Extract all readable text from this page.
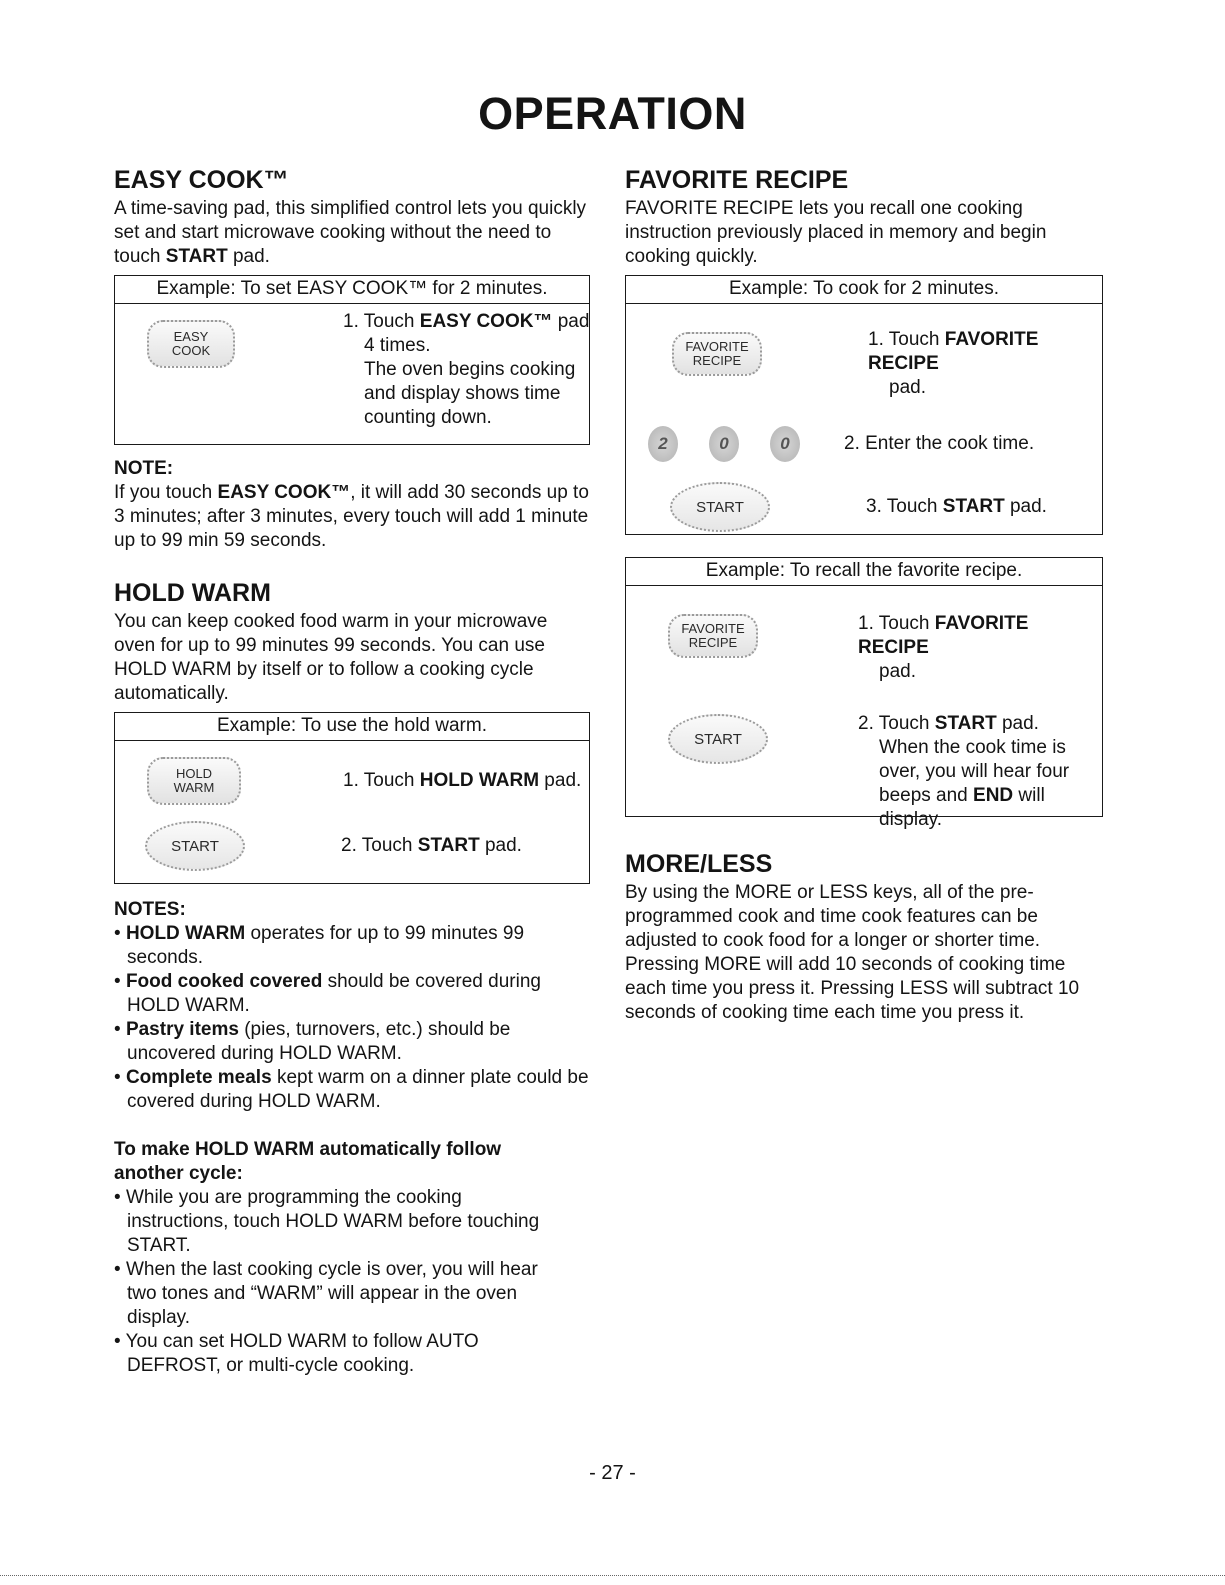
OPERATION
EASY COOK™

A time-saving pad, this simplified control lets you quickly set and start microwave cooking without the need to touch START pad.

Example: To set EASY COOK™ for 2 minutes.
EASY
COOK
1. Touch EASY COOK™ pad
4 times.
The oven begins cooking and display shows time counting down.
NOTE:

If you touch EASY COOK™, it will add 30 seconds up to 3 minutes; after 3 minutes, every touch will add 1 minute up to 99 min 59 seconds.

HOLD WARM

You can keep cooked food warm in your microwave oven for up to 99 minutes 99 seconds. You can use HOLD WARM by itself or to follow a cooking cycle automatically.

Example: To use the hold warm.
HOLD
WARM	1. Touch HOLD WARM pad.
START	2. Touch START pad.
NOTES:
• HOLD WARM operates for up to 99 minutes 99 seconds.
• Food cooked covered should be covered during HOLD WARM.
• Pastry items (pies, turnovers, etc.) should be uncovered during HOLD WARM.
• Complete meals kept warm on a dinner plate could be covered during HOLD WARM.
To make HOLD WARM automatically follow another cycle:
• While you are programming the cooking instructions, touch HOLD WARM before touching START.
• When the last cooking cycle is over, you will hear two tones and “WARM” will appear in the oven display.
• You can set HOLD WARM to follow AUTO DEFROST, or multi-cycle cooking.
FAVORITE RECIPE

FAVORITE RECIPE lets you recall one cooking instruction previously placed in memory and begin cooking quickly.

Example: To cook for 2 minutes.
FAVORITE
RECIPE
1. Touch FAVORITE RECIPE
pad.
2	0	0	2. Enter the cook time.
START	3. Touch START pad.
Example: To recall the favorite recipe.
FAVORITE
RECIPE
1. Touch FAVORITE RECIPE
pad.
START
2. Touch START pad.
When the cook time is over, you will hear four beeps and END will display.
MORE/LESS

By using the MORE or LESS keys, all of the pre-programmed cook and time cook features can be adjusted to cook food for a longer or shorter time. Pressing MORE will add 10 seconds of cooking time each time you press it. Pressing LESS will subtract 10 seconds of cooking time each time you press it.

- 27 -
